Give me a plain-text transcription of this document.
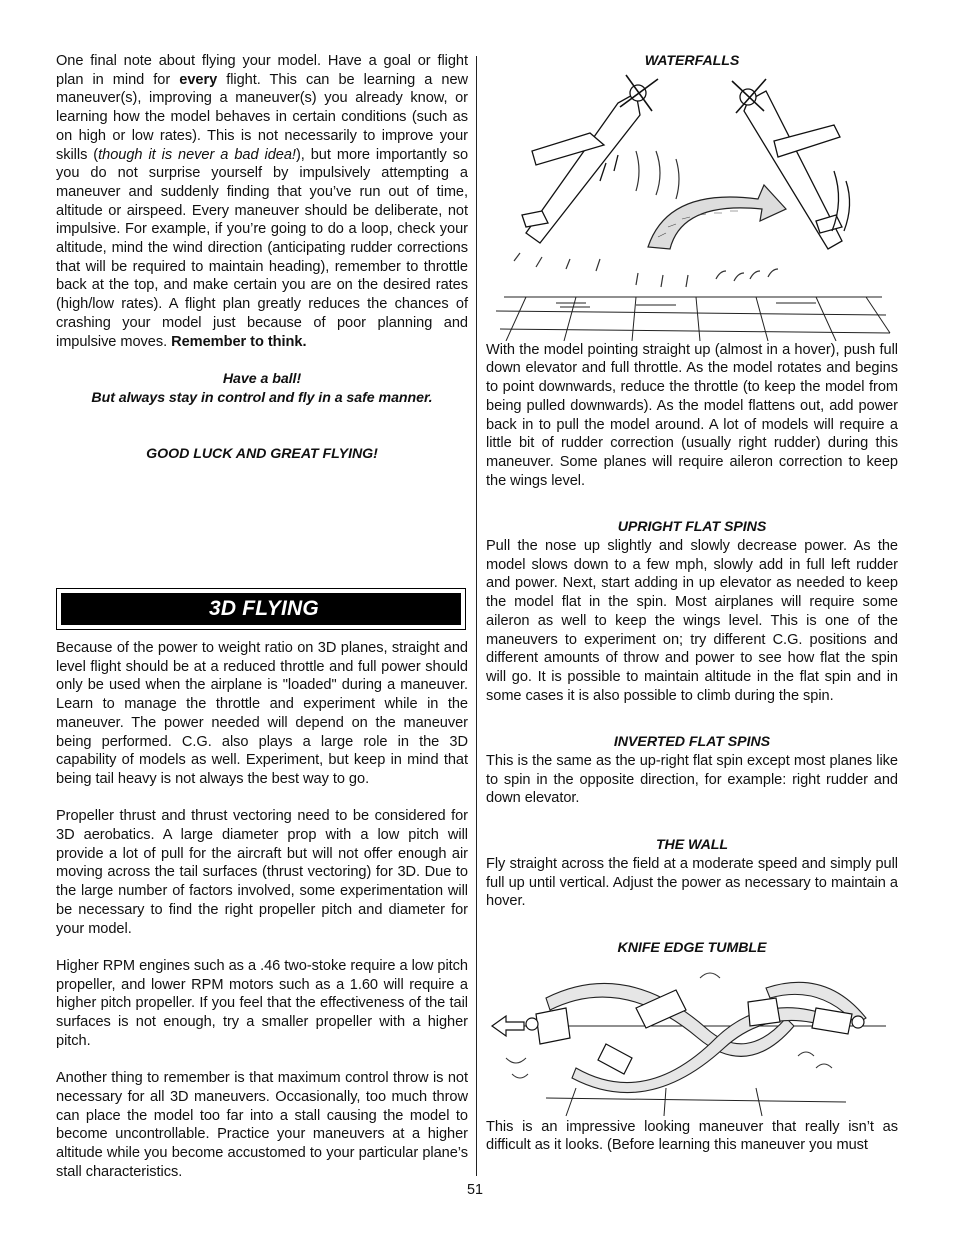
One final note about flying your model. Have a goal or flight plan in mind for every flight. This can be learning a new maneuver(s), improving a maneuver(s) you already know, or learning how the model behaves in certain conditions (such as on high or low rates). This is not necessarily to improve your skills (though it is never a bad idea!), but more importantly so you do not surprise yourself by impulsively attempting a maneuver and suddenly finding that you’ve run out of time, altitude or airspeed. Every maneuver should be deliberate, not impulsive. For example, if you’re going to do a loop, check your altitude, mind the wind direction (anticipating rudder corrections that will be required to maintain heading), remember to throttle back at the top, and make certain you are on the desired rates (high/low rates). A flight plan greatly reduces the chances of crashing your model just because of poor planning and impulsive moves. Remember to think.

Have a ball!

But always stay in control and fly in a safe manner.

GOOD LUCK AND GREAT FLYING!

3D FLYING

Because of the power to weight ratio on 3D planes, straight and level flight should be at a reduced throttle and full power should only be used when the airplane is "loaded" during a maneuver. Learn to manage the throttle and experiment while in the maneuver. The power needed will depend on the maneuver being performed. C.G. also plays a large role in the 3D capability of models as well. Experiment, but keep in mind that being tail heavy is not always the best way to go.

Propeller thrust and thrust vectoring need to be considered for 3D aerobatics. A large diameter prop with a low pitch will provide a lot of pull for the aircraft but will not offer enough air moving across the tail surfaces (thrust vectoring) for 3D. Due to the large number of factors involved, some experimentation will be necessary to find the right propeller pitch and diameter for your model.

Higher RPM engines such as a .46 two-stoke require a low pitch propeller, and lower RPM motors such as a 1.60 will require a higher pitch propeller. If you feel that the effectiveness of the tail surfaces is not enough, try a smaller propeller with a higher pitch.

Another thing to remember is that maximum control throw is not necessary for all 3D maneuvers. Occasionally, too much throw can place the model too far into a stall causing the model to become uncontrollable. Practice your maneuvers at a higher altitude while you become accustomed to your particular plane’s stall characteristics.

WATERFALLS

With the model pointing straight up (almost in a hover), push full down elevator and full throttle. As the model rotates and begins to point downwards, reduce the throttle (to keep the model from being pulled downwards). As the model flattens out, add power back in to pull the model around. A lot of models will require a little bit of rudder correction (usually right rudder) during this maneuver. Some planes will require aileron correction to keep the wings level.

UPRIGHT FLAT SPINS

Pull the nose up slightly and slowly decrease power. As the model slows down to a few mph, slowly add in full left rudder and power. Next, start adding in up elevator as needed to keep the model flat in the spin. Most airplanes will require some aileron as well to keep the wings level. This is one of the maneuvers to experiment on; try different C.G. positions and different amounts of throw and power to see how flat the spin will go. It is possible to maintain altitude in the flat spin and in some cases it is also possible to climb during the spin.

INVERTED FLAT SPINS

This is the same as the up-right flat spin except most planes like to spin in the opposite direction, for example: right rudder and down elevator.

THE WALL

Fly straight across the field at a moderate speed and simply pull full up until vertical. Adjust the power as necessary to maintain a hover.

KNIFE EDGE TUMBLE

This is an impressive looking maneuver that really isn’t as difficult as it looks. (Before learning this maneuver you must

51
